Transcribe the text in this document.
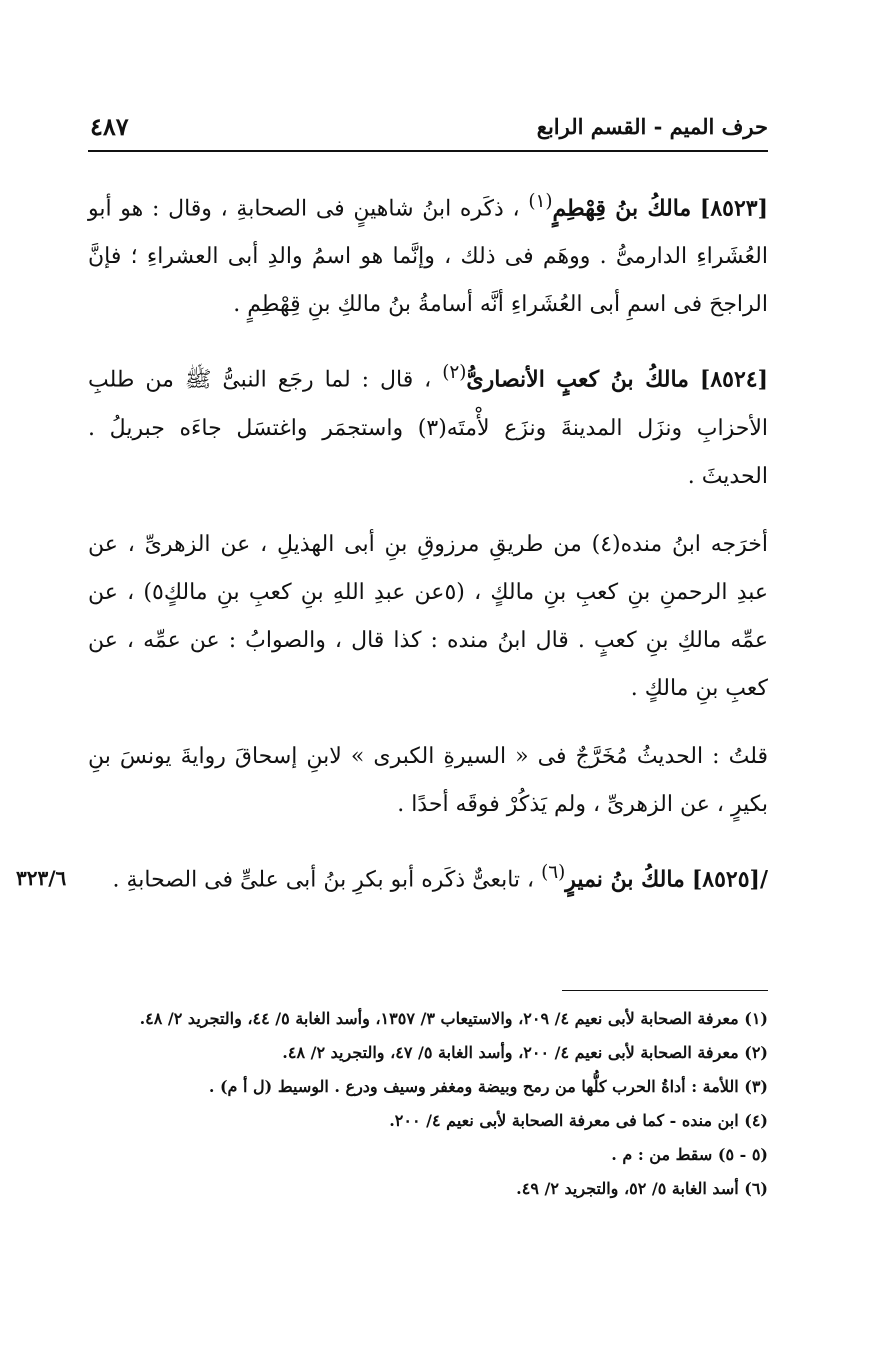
حرف الميم - القسم الرابع
٤٨٧

[٨٥٢٣] مالكُ بنُ قِهْطِمٍ$^{(١)}$ ، ذكَره ابنُ شاهينٍ فى الصحابةِ ، وقال : هو أبو العُشَراءِ الدارمىُّ . ووهَم فى ذلك ، وإنَّما هو اسمُ والدِ أبى العشراءِ ؛ فإنَّ الراجحَ فى اسمِ أبى العُشَراءِ أنَّه أسامةُ بنُ مالكِ بنِ قِهْطِمٍ .

[٨٥٢٤] مالكُ بنُ كعبٍ الأنصارىُّ$^{(٢)}$ ، قال : لما رجَع النبىُّ ﷺ من طلبِ الأحزابِ ونزَل المدينةَ ونزَع لأْمتَه(٣) واستجمَر واغتسَل جاءَه جبريلُ . الحديثَ .

أخرَجه ابنُ منده(٤) من طريقِ مرزوقِ بنِ أبى الهذيلِ ، عن الزهرىِّ ، عن عبدِ الرحمنِ بنِ كعبِ بنِ مالكٍ ، (٥عن عبدِ اللهِ بنِ كعبِ بنِ مالكٍ٥) ، عن عمِّه مالكِ بنِ كعبٍ . قال ابنُ منده : كذا قال ، والصوابُ : عن عمِّه ، عن كعبِ بنِ مالكٍ .

قلتُ : الحديثُ مُخَرَّجٌ فى « السيرةِ الكبرى » لابنِ إسحاقَ روايةَ يونسَ بنِ بكيرٍ ، عن الزهرىِّ ، ولم يَذكُرْ فوقَه أحدًا .

/[٨٥٢٥] مالكُ بنُ نميرٍ$^{(٦)}$ ، تابعىٌّ ذكَره أبو بكرِ بنُ أبى علىٍّ فى الصحابةِ .

٣٢٣/٦

(١) معرفة الصحابة لأبى نعيم ٤/ ٢٠٩، والاستيعاب ٣/ ١٣٥٧، وأسد الغابة ٥/ ٤٤، والتجريد ٢/ ٤٨.

(٢) معرفة الصحابة لأبى نعيم ٤/ ٢٠٠، وأسد الغابة ٥/ ٤٧، والتجريد ٢/ ٤٨.

(٣) اللأمة : أداةُ الحرب كلُّها من رمح وبيضة ومغفر وسيف ودرع . الوسيط (ل أ م) .

(٤) ابن منده - كما فى معرفة الصحابة لأبى نعيم ٤/ ٢٠٠.

(٥ - ٥) سقط من : م .

(٦) أسد الغابة ٥/ ٥٢، والتجريد ٢/ ٤٩.
